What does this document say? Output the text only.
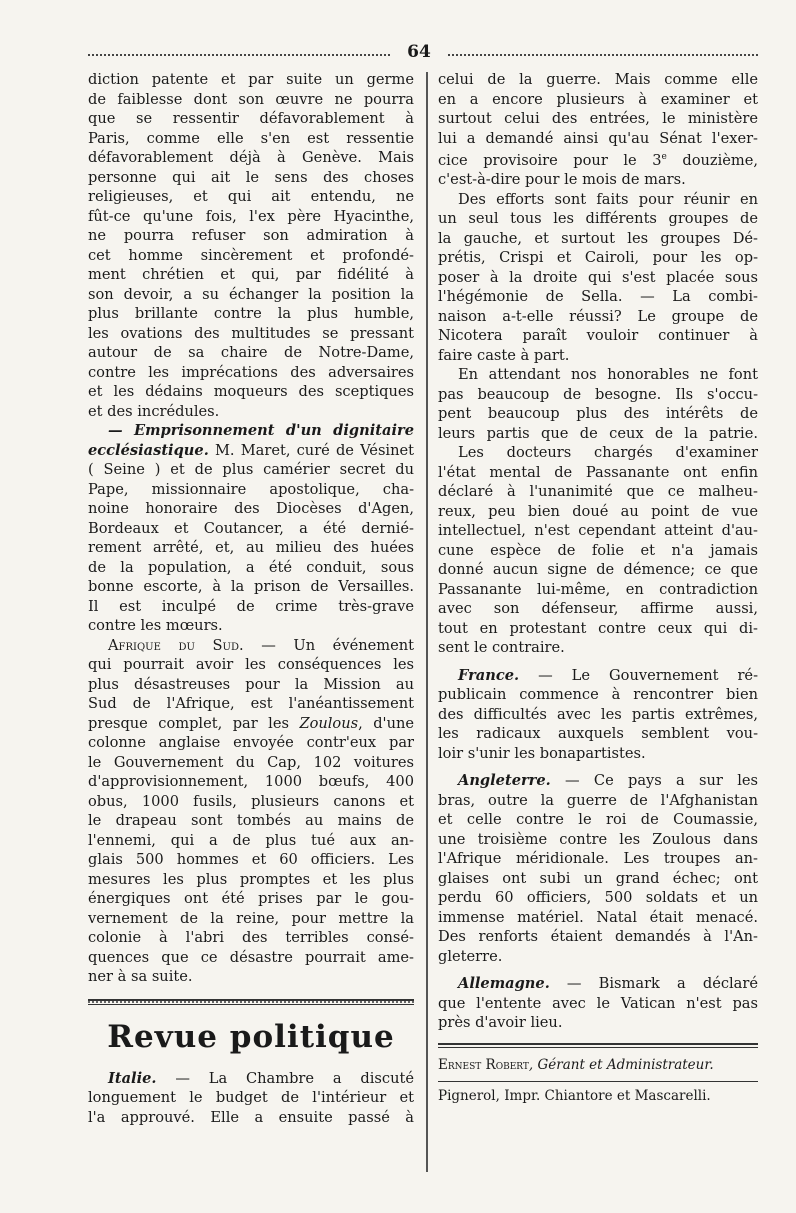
64

diction patente et par suite un germe

de faiblesse dont son œuvre ne pourra

que se ressentir défavorablement à

Paris, comme elle s'en est ressentie

défavorablement déjà à Genève. Mais

personne qui ait le sens des choses

religieuses, et qui ait entendu, ne

fût-ce qu'une fois, l'ex père Hyacinthe,

ne pourra refuser son admiration à

cet homme sincèrement et profondé-

ment chrétien et qui, par fidélité à

son devoir, a su échanger la position la

plus brillante contre la plus humble,

les ovations des multitudes se pressant

autour de sa chaire de Notre-Dame,

contre les imprécations des adversaires

et les dédains moqueurs des sceptiques

et des incrédules.

— Emprisonnement d'un dignitaire

ecclésiastique. M. Maret, curé de Vésinet

( Seine ) et de plus camérier secret du

Pape, missionnaire apostolique, cha-

noine honoraire des Diocèses d'Agen,

Bordeaux et Coutancer, a été dernié-

rement arrêté, et, au milieu des huées

de la population, a été conduit, sous

bonne escorte, à la prison de Versailles.

Il est inculpé de crime très-grave

contre les mœurs.

Afrique du Sud. — Un événement

qui pourrait avoir les conséquences les

plus désastreuses pour la Mission au

Sud de l'Afrique, est l'anéantissement

presque complet, par les Zoulous, d'une

colonne anglaise envoyée contr'eux par

le Gouvernement du Cap, 102 voitures

d'approvisionnement, 1000 bœufs, 400

obus, 1000 fusils, plusieurs canons et

le drapeau sont tombés au mains de

l'ennemi, qui a de plus tué aux an-

glais 500 hommes et 60 officiers. Les

mesures les plus promptes et les plus

énergiques ont été prises par le gou-

vernement de la reine, pour mettre la

colonie à l'abri des terribles consé-

quences que ce désastre pourrait ame-

ner à sa suite.

Revue politique

Italie. — La Chambre a discuté

longuement le budget de l'intérieur et

l'a approuvé. Elle a ensuite passé à

celui de la guerre. Mais comme elle

en a encore plusieurs à examiner et

surtout celui des entrées, le ministère

lui a demandé ainsi qu'au Sénat l'exer-

cice provisoire pour le 3e douzième,

c'est-à-dire pour le mois de mars.

Des efforts sont faits pour réunir en

un seul tous les différents groupes de

la gauche, et surtout les groupes Dé-

prétis, Crispi et Cairoli, pour les op-

poser à la droite qui s'est placée sous

l'hégémonie de Sella. — La combi-

naison a-t-elle réussi? Le groupe de

Nicotera paraît vouloir continuer à

faire caste à part.

En attendant nos honorables ne font

pas beaucoup de besogne. Ils s'occu-

pent beaucoup plus des intérêts de

leurs partis que de ceux de la patrie.

Les docteurs chargés d'examiner

l'état mental de Passanante ont enfin

déclaré à l'unanimité que ce malheu-

reux, peu bien doué au point de vue

intellectuel, n'est cependant atteint d'au-

cune espèce de folie et n'a jamais

donné aucun signe de démence; ce que

Passanante lui-même, en contradiction

avec son défenseur, affirme aussi,

tout en protestant contre ceux qui di-

sent le contraire.

France. — Le Gouvernement ré-

publicain commence à rencontrer bien

des difficultés avec les partis extrêmes,

les radicaux auxquels semblent vou-

loir s'unir les bonapartistes.

Angleterre. — Ce pays a sur les

bras, outre la guerre de l'Afghanistan

et celle contre le roi de Coumassie,

une troisième contre les Zoulous dans

l'Afrique méridionale. Les troupes an-

glaises ont subi un grand échec; ont

perdu 60 officiers, 500 soldats et un

immense matériel. Natal était menacé.

Des renforts étaient demandés à l'An-

gleterre.

Allemagne. — Bismark a déclaré

que l'entente avec le Vatican n'est pas

près d'avoir lieu.

Ernest Robert, Gérant et Administrateur.
Pignerol, Impr. Chiantore et Mascarelli.
